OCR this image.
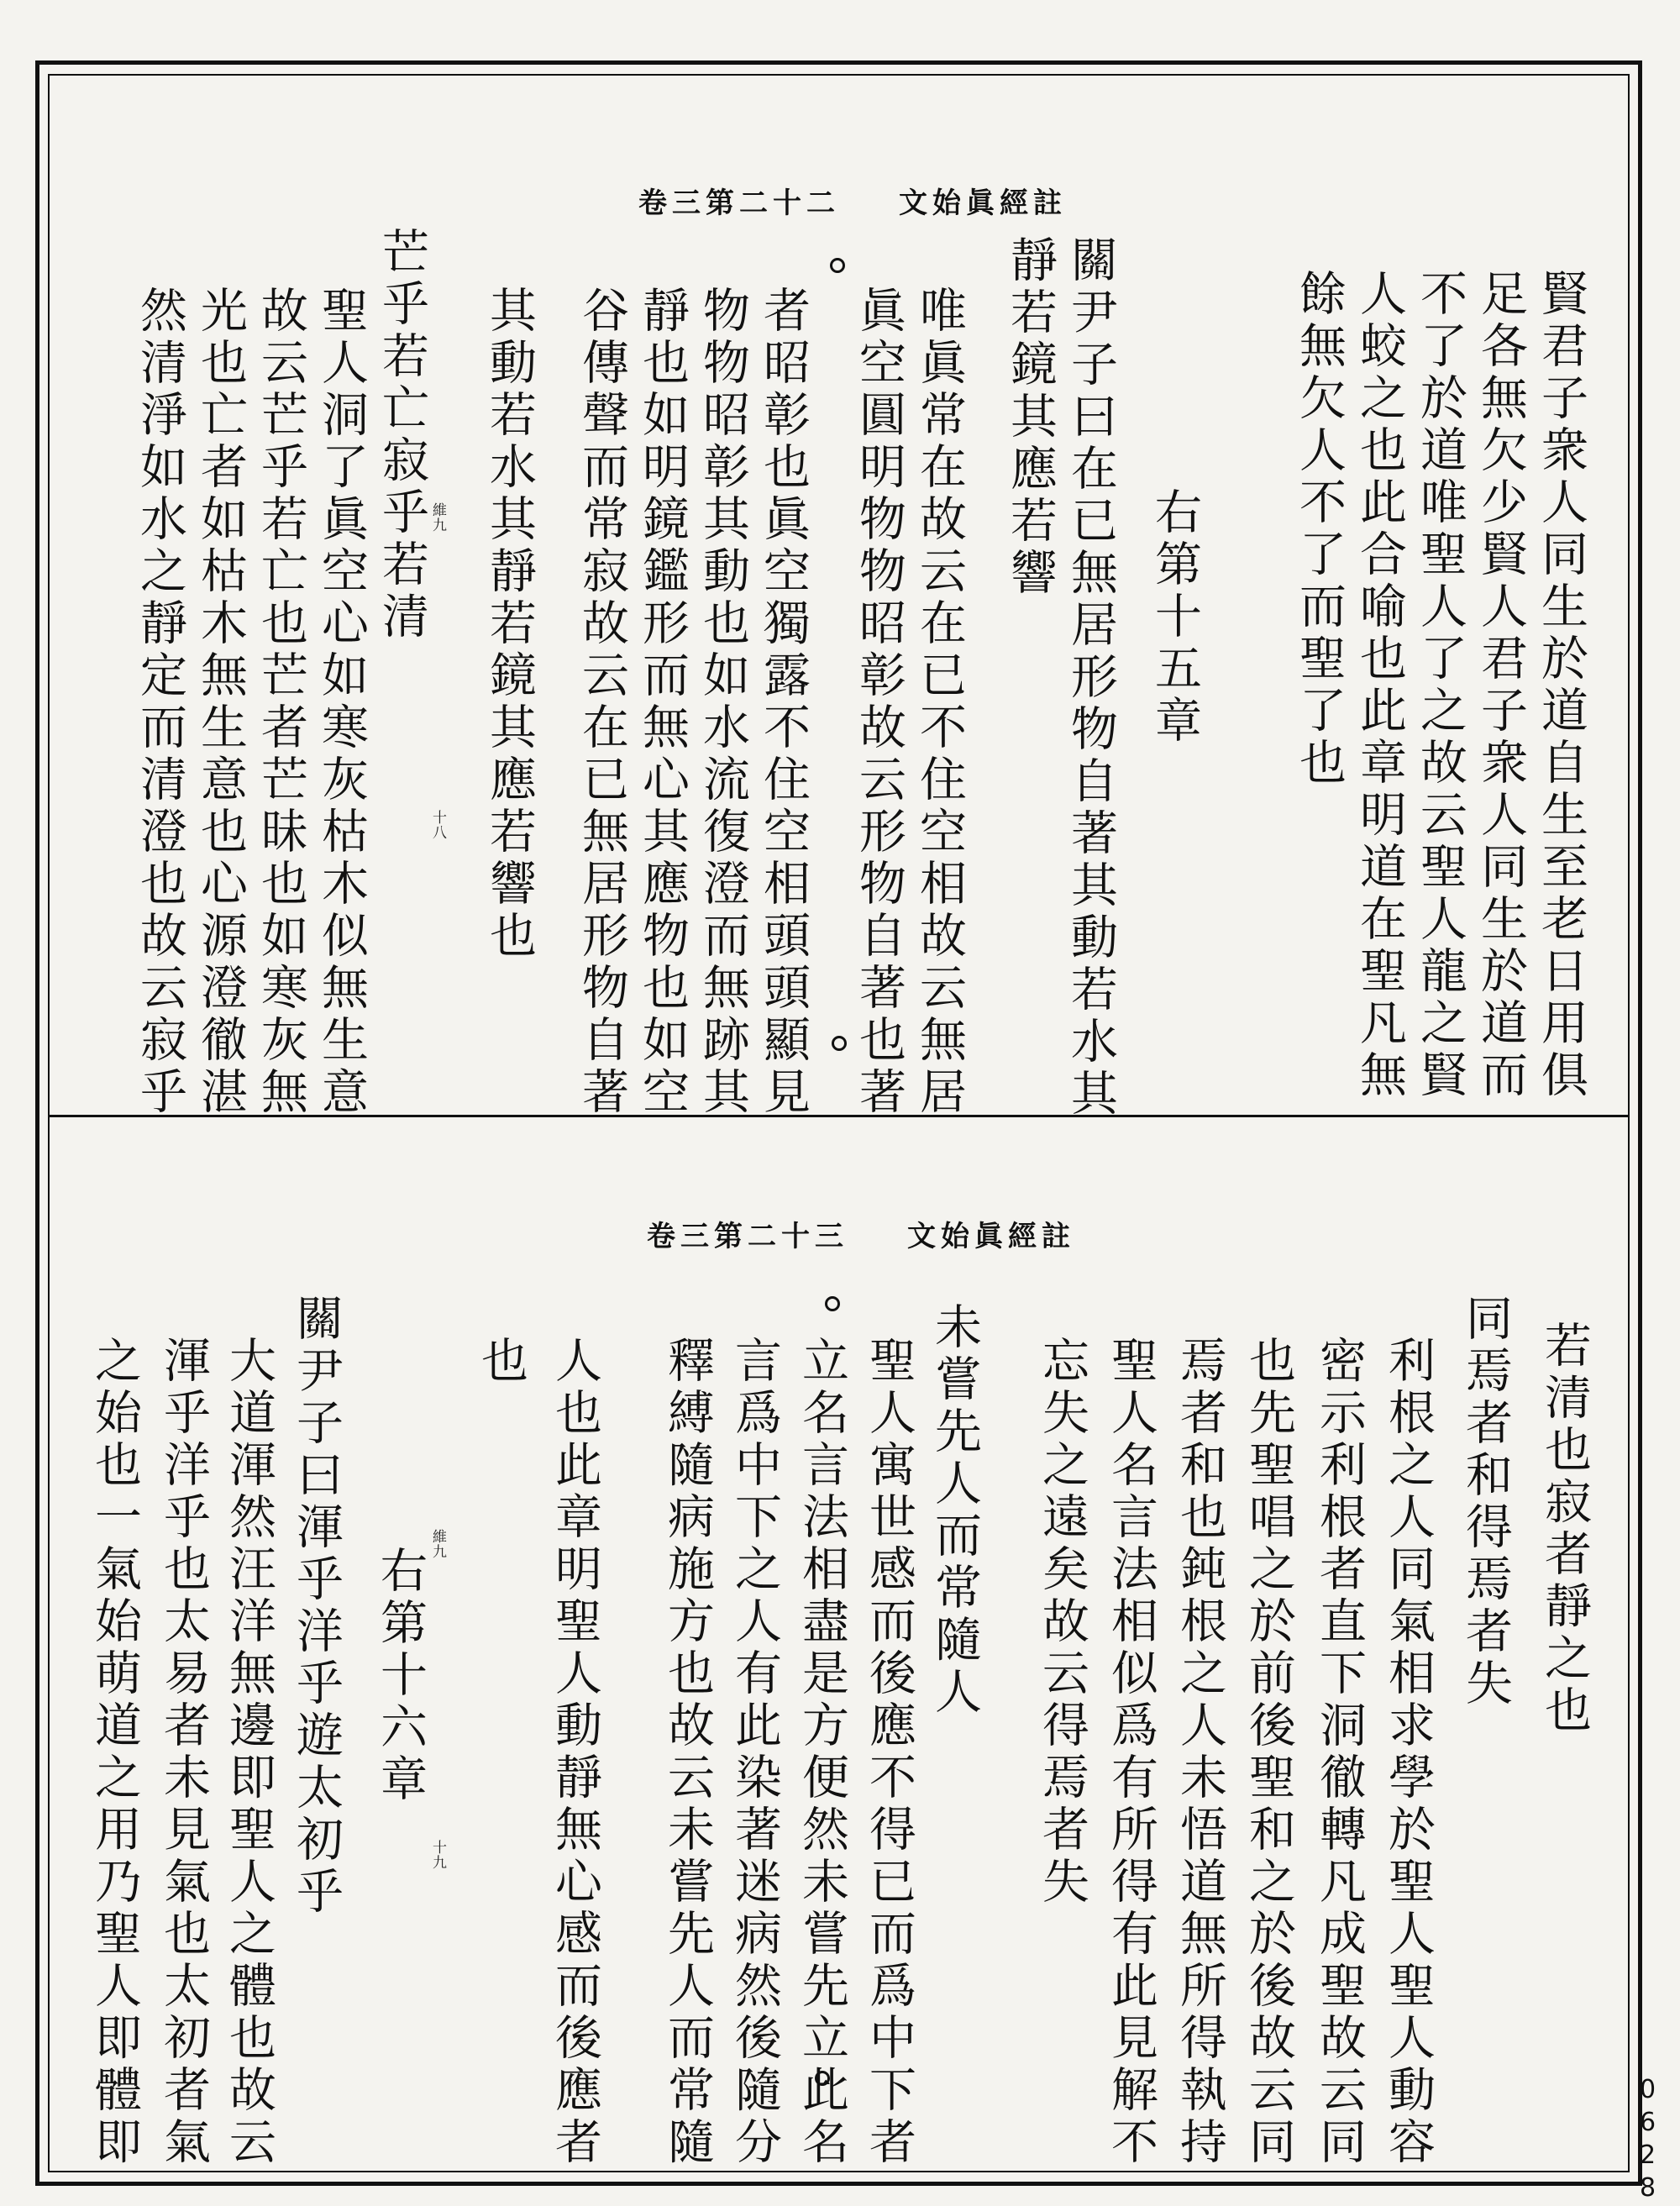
卷三第二十二 文始眞經註
賢君子衆人同生於道自生至老日用俱
足各無欠少賢人君子衆人同生於道而
不了於道唯聖人了之故云聖人龍之賢
人蛟之也此合喻也此章明道在聖凡無
餘無欠人不了而聖了也
右第十五章
關尹子曰在已無居形物自著其動若水其
靜若鏡其應若響
唯眞常在故云在已不住空相故云無居
眞空圓明物物昭彰故云形物自著也著
者昭彰也眞空獨露不住空相頭頭顯見
物物昭彰其動也如水流復澄而無跡其
靜也如明鏡鑑形而無心其應物也如空
谷傳聲而常寂故云在已無居形物自著
其動若水其靜若鏡其應若響也
芒乎若亡寂乎若清
聖人洞了眞空心如寒灰枯木似無生意
故云芒乎若亡也芒者芒昧也如寒灰無
光也亡者如枯木無生意也心源澄徹湛
然清淨如水之靜定而清澄也故云寂乎	維九
十八
卷三第二十三 文始眞經註
若清也寂者靜之也
同焉者和得焉者失
利根之人同氣相求學於聖人聖人動容
密示利根者直下洞徹轉凡成聖故云同
也先聖唱之於前後聖和之於後故云同
焉者和也鈍根之人未悟道無所得執持
聖人名言法相似爲有所得有此見解不
忘失之遠矣故云得焉者失
未嘗先人而常隨人
聖人寓世感而後應不得已而爲中下者
立名言法相盡是方便然未嘗先立此名
言爲中下之人有此染著迷病然後隨分
釋縛隨病施方也故云未嘗先人而常隨
人也此章明聖人動靜無心感而後應者
也
右第十六章
關尹子曰渾乎洋乎遊太初乎
大道渾然汪洋無邊即聖人之體也故云
渾乎洋乎也太易者未見氣也太初者氣
之始也一氣始萌道之用乃聖人即體即	維九
十九
0628
